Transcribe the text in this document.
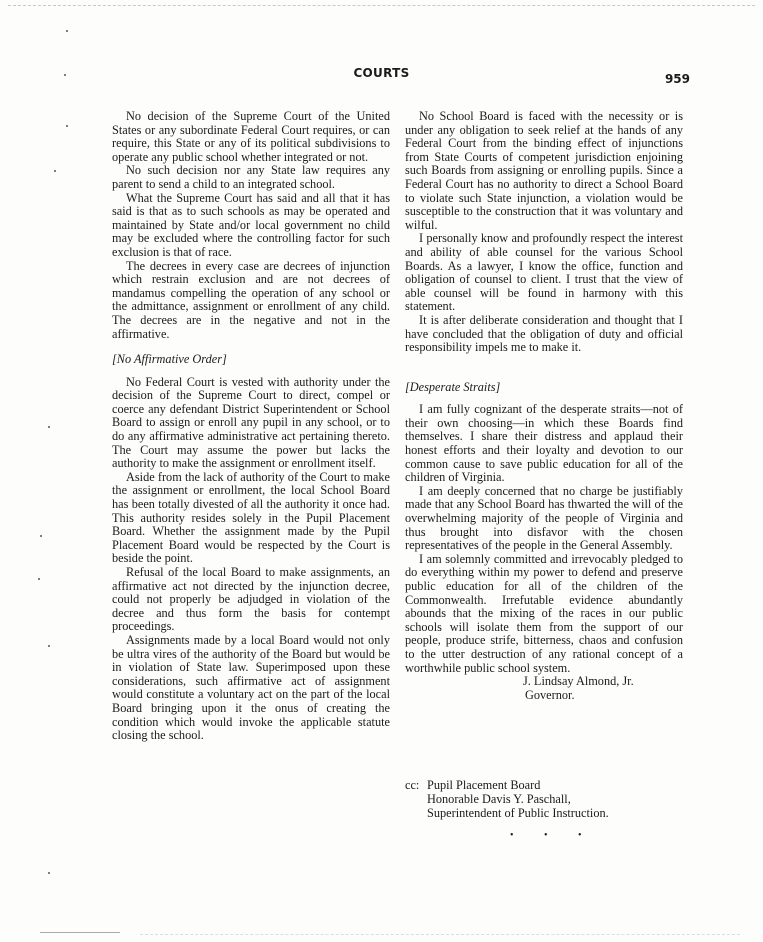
COURTS	959

No decision of the Supreme Court of the United States or any subordinate Federal Court requires, or can require, this State or any of its political subdivisions to operate any public school whether integrated or not.

No such decision nor any State law requires any parent to send a child to an integrated school.

What the Supreme Court has said and all that it has said is that as to such schools as may be operated and maintained by State and/or local government no child may be excluded where the controlling factor for such exclusion is that of race.

The decrees in every case are decrees of injunction which restrain exclusion and are not decrees of mandamus compelling the operation of any school or the admittance, assignment or enrollment of any child. The decrees are in the negative and not in the affirmative.

[No Affirmative Order]

No Federal Court is vested with authority under the decision of the Supreme Court to direct, compel or coerce any defendant District Superintendent or School Board to assign or enroll any pupil in any school, or to do any affirmative administrative act pertaining thereto. The Court may assume the power but lacks the authority to make the assignment or enrollment itself.

Aside from the lack of authority of the Court to make the assignment or enrollment, the local School Board has been totally divested of all the authority it once had. This authority resides solely in the Pupil Placement Board. Whether the assignment made by the Pupil Placement Board would be respected by the Court is beside the point.

Refusal of the local Board to make assignments, an affirmative act not directed by the injunction decree, could not properly be adjudged in violation of the decree and thus form the basis for contempt proceedings.

Assignments made by a local Board would not only be ultra vires of the authority of the Board but would be in violation of State law. Superimposed upon these considerations, such affirmative act of assignment would constitute a voluntary act on the part of the local Board bringing upon it the onus of creating the condition which would invoke the applicable statute closing the school.

No School Board is faced with the necessity or is under any obligation to seek relief at the hands of any Federal Court from the binding effect of injunctions from State Courts of competent jurisdiction enjoining such Boards from assigning or enrolling pupils. Since a Federal Court has no authority to direct a School Board to violate such State injunction, a violation would be susceptible to the construction that it was voluntary and wilful.

I personally know and profoundly respect the interest and ability of able counsel for the various School Boards. As a lawyer, I know the office, function and obligation of counsel to client. I trust that the view of able counsel will be found in harmony with this statement.

It is after deliberate consideration and thought that I have concluded that the obligation of duty and official responsibility impels me to make it.

[Desperate Straits]

I am fully cognizant of the desperate straits—not of their own choosing—in which these Boards find themselves. I share their distress and applaud their honest efforts and their loyalty and devotion to our common cause to save public education for all of the children of Virginia.

I am deeply concerned that no charge be justifiably made that any School Board has thwarted the will of the overwhelming majority of the people of Virginia and thus brought into disfavor with the chosen representatives of the people in the General Assembly.

I am solemnly committed and irrevocably pledged to do everything within my power to defend and preserve public education for all of the children of the Commonwealth. Irrefutable evidence abundantly abounds that the mixing of the races in our public schools will isolate them from the support of our people, produce strife, bitterness, chaos and confusion to the utter destruction of any rational concept of a worthwhile public school system.

J. Lindsay Almond, Jr.

Governor.

cc: Pupil Placement Board
Honorable Davis Y. Paschall,
Superintendent of Public Instruction.
• • •
